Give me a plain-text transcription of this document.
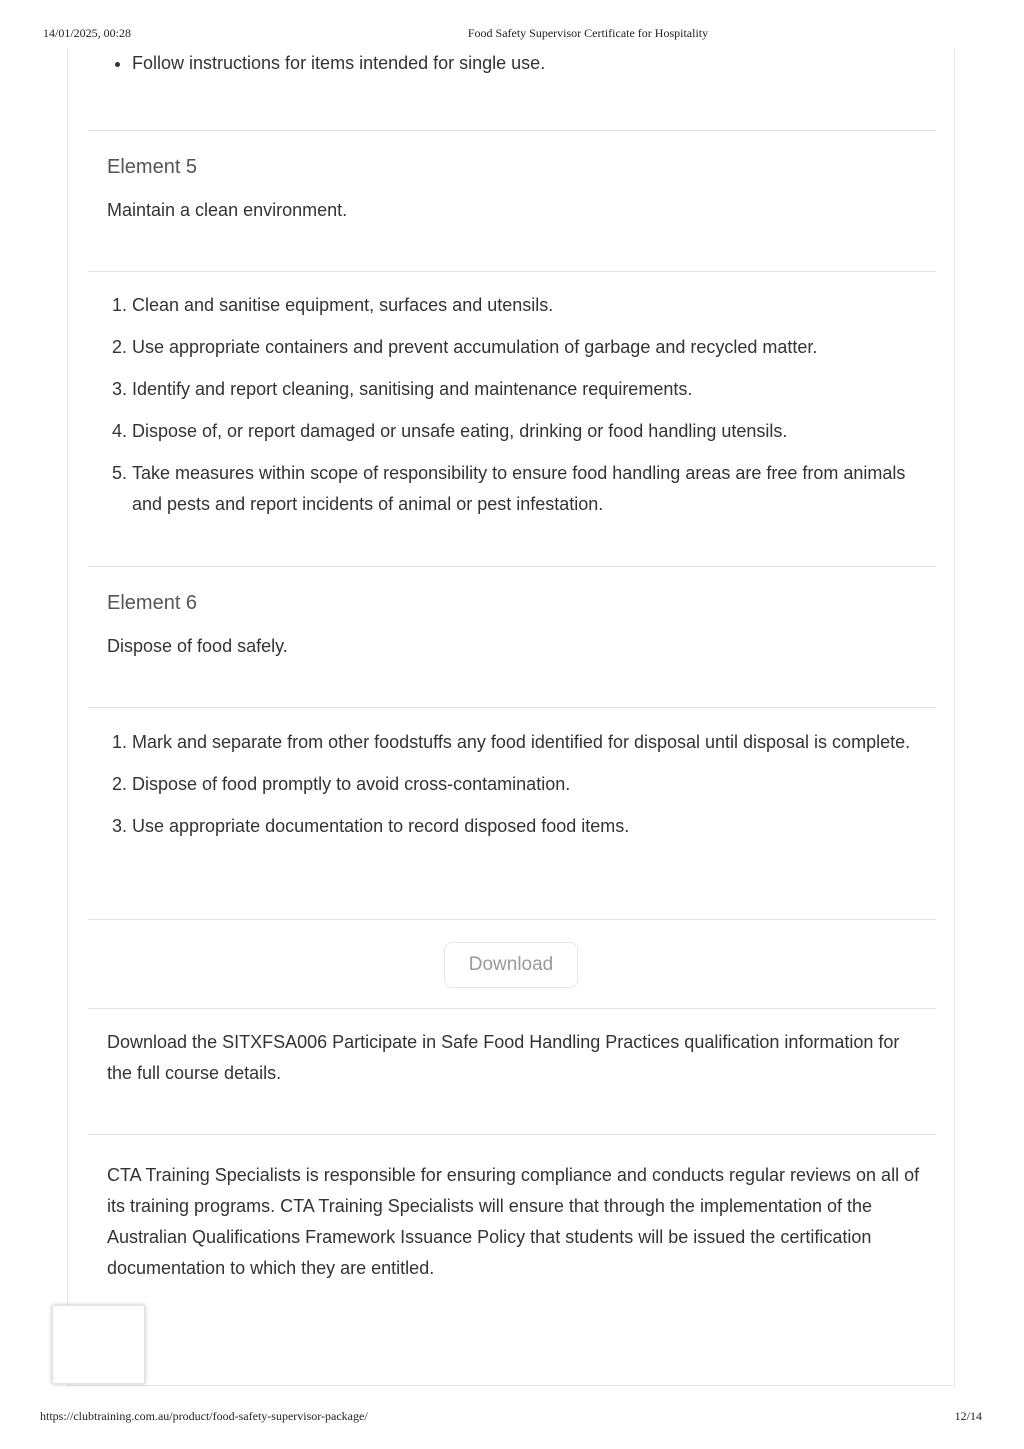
14/01/2025, 00:28	Food Safety Supervisor Certificate for Hospitality
• Follow instructions for items intended for single use.

Element 5

Maintain a clean environment.

1. Clean and sanitise equipment, surfaces and utensils.
2. Use appropriate containers and prevent accumulation of garbage and recycled matter.
3. Identify and report cleaning, sanitising and maintenance requirements.
4. Dispose of, or report damaged or unsafe eating, drinking or food handling utensils.
5. Take measures within scope of responsibility to ensure food handling areas are free from animals and pests and report incidents of animal or pest infestation.

Element 6

Dispose of food safely.

1. Mark and separate from other foodstuffs any food identified for disposal until disposal is complete.
2. Dispose of food promptly to avoid cross-contamination.
3. Use appropriate documentation to record disposed food items.
Download
Download the SITXFSA006 Participate in Safe Food Handling Practices qualification information for the full course details.
CTA Training Specialists is responsible for ensuring compliance and conducts regular reviews on all of its training programs. CTA Training Specialists will ensure that through the implementation of the Australian Qualifications Framework Issuance Policy that students will be issued the certification documentation to which they are entitled.
https://clubtraining.com.au/product/food-safety-supervisor-package/	12/14
